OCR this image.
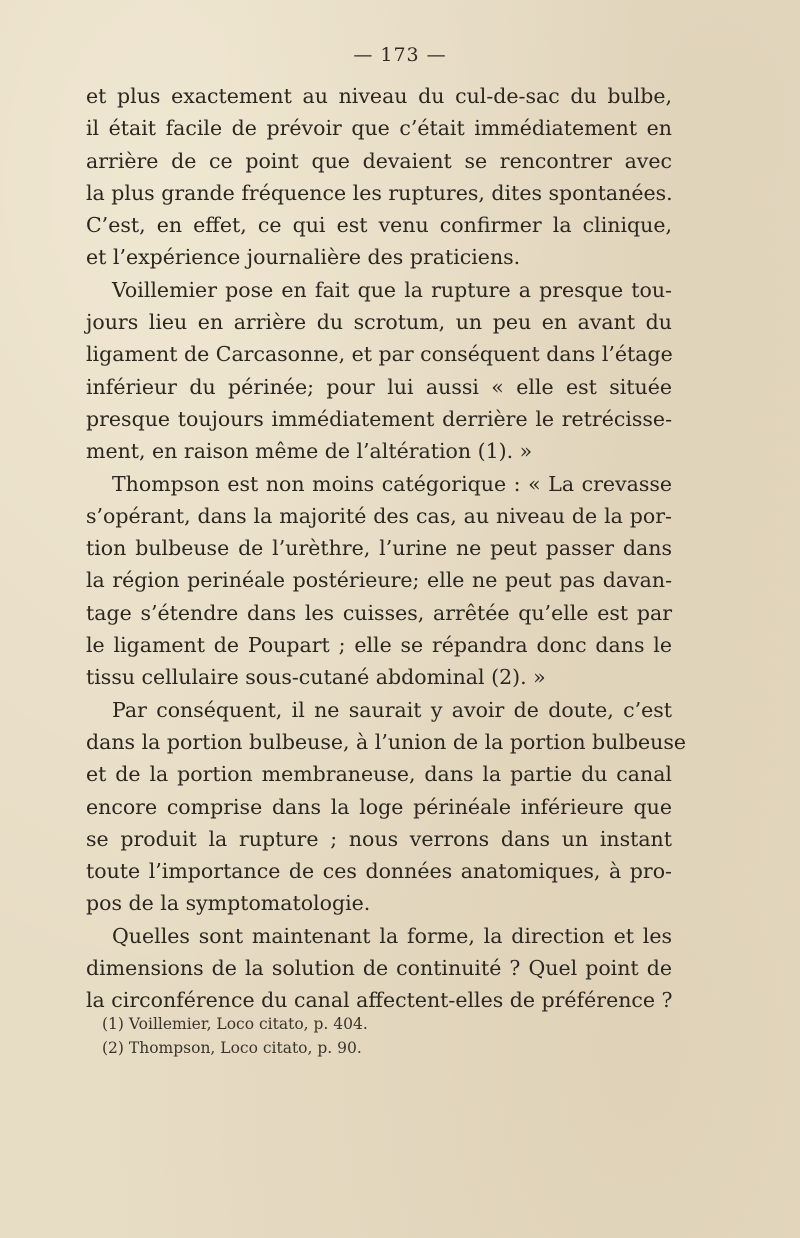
— 173 —
et plus exactement au niveau du cul-de-sac du bulbe,
il était facile de prévoir que c’était immédiatement en
arrière de ce point que devaient se rencontrer avec
la plus grande fréquence les ruptures, dites spontanées.
C’est, en effet, ce qui est venu confirmer la clinique,
et l’expérience journalière des praticiens.
Voillemier pose en fait que la rupture a presque tou-
jours lieu en arrière du scrotum, un peu en avant du
ligament de Carcasonne, et par conséquent dans l’étage
inférieur du périnée; pour lui aussi « elle est située
presque toujours immédiatement derrière le retrécisse-
ment, en raison même de l’altération (1). »
Thompson est non moins catégorique : « La crevasse
s’opérant, dans la majorité des cas, au niveau de la por-
tion bulbeuse de l’urèthre, l’urine ne peut passer dans
la région perinéale postérieure; elle ne peut pas davan-
tage s’étendre dans les cuisses, arrêtée qu’elle est par
le ligament de Poupart ; elle se répandra donc dans le
tissu cellulaire sous-cutané abdominal (2). »
Par conséquent, il ne saurait y avoir de doute, c’est
dans la portion bulbeuse, à l’union de la portion bulbeuse
et de la portion membraneuse, dans la partie du canal
encore comprise dans la loge périnéale inférieure que
se produit la rupture ; nous verrons dans un instant
toute l’importance de ces données anatomiques, à pro-
pos de la symptomatologie.
Quelles sont maintenant la forme, la direction et les
dimensions de la solution de continuité ? Quel point de
la circonférence du canal affectent-elles de préférence ?
(1) Voillemier, Loco citato, p. 404.
(2) Thompson, Loco citato, p. 90.
